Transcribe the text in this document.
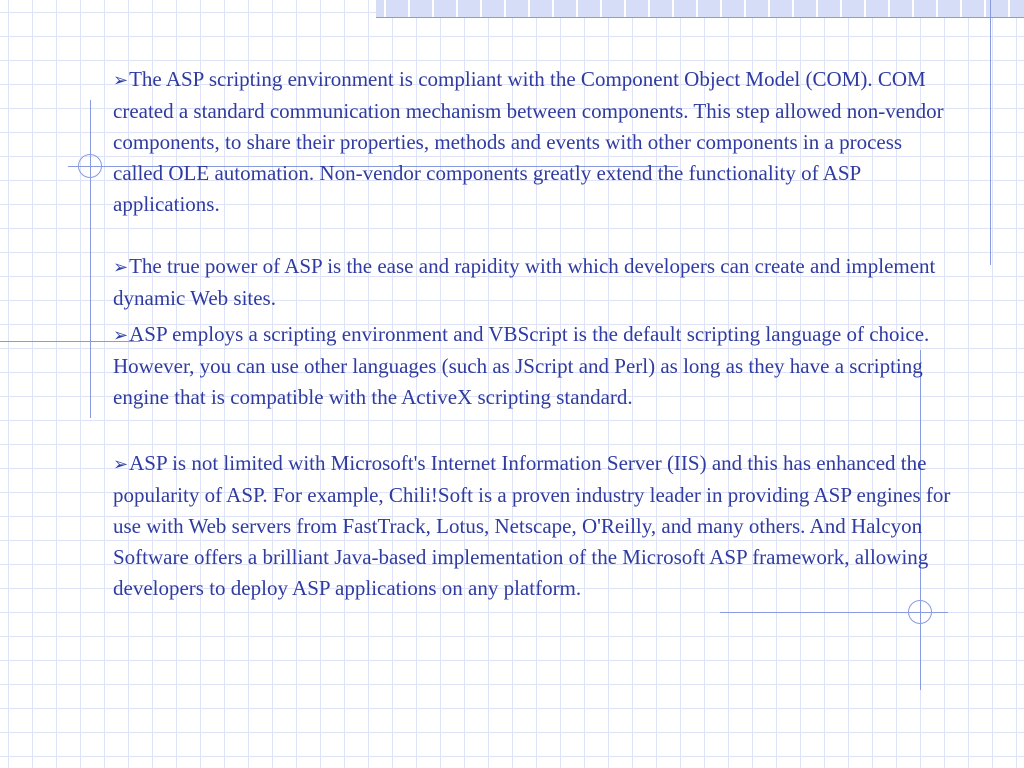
➢The ASP scripting environment is compliant with the Component Object Model (COM). COM created a standard communication mechanism between components. This step allowed non-vendor components, to share their properties, methods and events with other components in a process called OLE automation. Non-vendor components greatly extend the functionality of ASP applications.

➢The true power of ASP is the ease and rapidity with which developers can create and implement dynamic Web sites.

➢ASP employs a scripting environment and VBScript is the default scripting language of choice. However, you can use other languages (such as JScript and Perl) as long as they have a scripting engine that is compatible with the ActiveX scripting standard.

➢ASP is not limited with Microsoft's Internet Information Server (IIS) and this has enhanced the popularity of ASP. For example, Chili!Soft is a proven industry leader in providing ASP engines for use with Web servers from FastTrack, Lotus, Netscape, O'Reilly, and many others. And Halcyon Software offers a brilliant Java-based implementation of the Microsoft ASP framework, allowing developers to deploy ASP applications on any platform.
